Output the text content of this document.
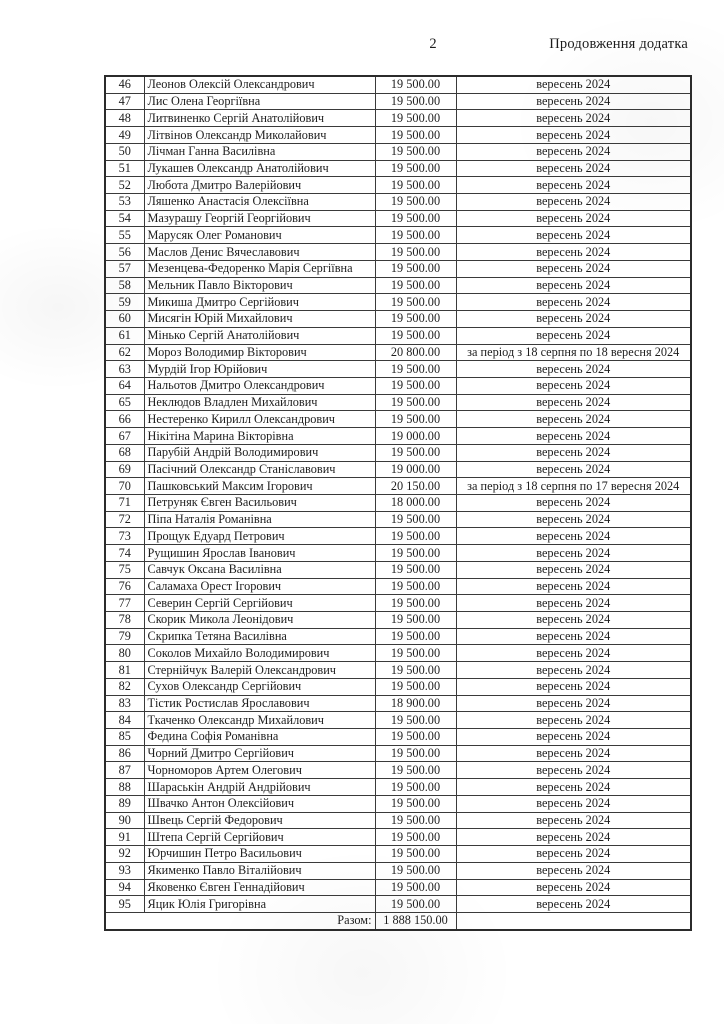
2	Продовження додатка
46	Леонов Олексій Олександрович	19 500.00	вересень 2024
47	Лис Олена Георгіївна	19 500.00	вересень 2024
48	Литвиненко Сергій Анатолійович	19 500.00	вересень 2024
49	Літвінов Олександр Миколайович	19 500.00	вересень 2024
50	Лічман Ганна Василівна	19 500.00	вересень 2024
51	Лукашев Олександр Анатолійович	19 500.00	вересень 2024
52	Любота Дмитро Валерійович	19 500.00	вересень 2024
53	Ляшенко Анастасія Олексіївна	19 500.00	вересень 2024
54	Мазурашу Георгій Георгійович	19 500.00	вересень 2024
55	Марусяк Олег Романович	19 500.00	вересень 2024
56	Маслов Денис Вячеславович	19 500.00	вересень 2024
57	Мезенцева-Федоренко Марія Сергіївна	19 500.00	вересень 2024
58	Мельник Павло Вікторович	19 500.00	вересень 2024
59	Микиша Дмитро Сергійович	19 500.00	вересень 2024
60	Мисягін Юрій Михайлович	19 500.00	вересень 2024
61	Мінько Сергій Анатолійович	19 500.00	вересень 2024
62	Мороз Володимир Вікторович	20 800.00	за період з 18 серпня по 18 вересня 2024
63	Мурдій Ігор Юрійович	19 500.00	вересень 2024
64	Нальотов Дмитро Олександрович	19 500.00	вересень 2024
65	Неклюдов Владлен Михайлович	19 500.00	вересень 2024
66	Нестеренко Кирилл Олександрович	19 500.00	вересень 2024
67	Нікітіна Марина Вікторівна	19 000.00	вересень 2024
68	Парубій Андрій Володимирович	19 500.00	вересень 2024
69	Пасічний Олександр Станіславович	19 000.00	вересень 2024
70	Пашковський Максим Ігорович	20 150.00	за період з 18 серпня по 17 вересня 2024
71	Петруняк Євген Васильович	18 000.00	вересень 2024
72	Піпа Наталія Романівна	19 500.00	вересень 2024
73	Прощук Едуард Петрович	19 500.00	вересень 2024
74	Рущишин Ярослав Іванович	19 500.00	вересень 2024
75	Савчук Оксана Василівна	19 500.00	вересень 2024
76	Саламаха Орест Ігорович	19 500.00	вересень 2024
77	Северин Сергій Сергійович	19 500.00	вересень 2024
78	Скорик Микола Леонідович	19 500.00	вересень 2024
79	Скрипка Тетяна Василівна	19 500.00	вересень 2024
80	Соколов Михайло Володимирович	19 500.00	вересень 2024
81	Стернійчук Валерій Олександрович	19 500.00	вересень 2024
82	Сухов Олександр Сергійович	19 500.00	вересень 2024
83	Тістик Ростислав Ярославович	18 900.00	вересень 2024
84	Ткаченко Олександр Михайлович	19 500.00	вересень 2024
85	Федина Софія Романівна	19 500.00	вересень 2024
86	Чорний Дмитро Сергійович	19 500.00	вересень 2024
87	Чорноморов Артем Олегович	19 500.00	вересень 2024
88	Шараськін Андрій Андрійович	19 500.00	вересень 2024
89	Швачко Антон Олексійович	19 500.00	вересень 2024
90	Швець Сергій Федорович	19 500.00	вересень 2024
91	Штепа Сергій Сергійович	19 500.00	вересень 2024
92	Юрчишин Петро Васильович	19 500.00	вересень 2024
93	Якименко Павло Віталійович	19 500.00	вересень 2024
94	Яковенко Євген Геннадійович	19 500.00	вересень 2024
95	Яцик Юлія Григорівна	19 500.00	вересень 2024
Разом:		1 888 150.00	
